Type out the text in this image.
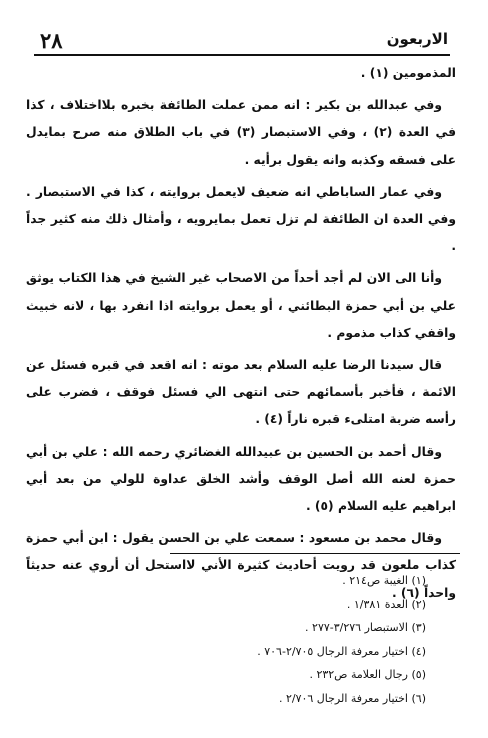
٢٨	الاربعون

المذمومين (١) .

وفي عبدالله بن بكير : انه ممن عملت الطائفة بخبره بلااختلاف ، كذا في العدة (٢) ، وفي الاستبصار (٣) في باب الطلاق منه صرح بمايدل على فسقه وكذبه وانه يقول برأيه .

وفي عمار الساباطي انه ضعيف لايعمل بروايته ، كذا في الاستبصار . وفي العدة ان الطائفة لم تزل تعمل بمايرويه ، وأمثال ذلك منه كثير جداً .

وأنا الى الان لم أجد أحداً من الاصحاب غير الشيخ في هذا الكتاب يوثق علي بن أبي حمزة البطائني ، أو يعمل بروايته اذا انفرد بها ، لانه خبيث واقفي كذاب مذموم .

قال سيدنا الرضا عليه السلام بعد موته : انه اقعد في قبره فسئل عن الائمة ، فأخبر بأسمائهم حتى انتهى الي فسئل فوقف ، فضرب على رأسه ضربة امتلىء قبره ناراً (٤) .

وقال أحمد بن الحسين بن عبيدالله الغضائري رحمه الله : علي بن أبي حمزة لعنه الله أصل الوقف وأشد الخلق عداوة للولي من بعد أبي ابراهيم عليه السلام (٥) .

وقال محمد بن مسعود : سمعت علي بن الحسن يقول : ابن أبي حمزة كذاب ملعون قد رويت أحاديث كثيرة الأني لااستحل أن أروي عنه حديثاً واحداً (٦) .

(١) الغيبة ص٢١٤ .
(٢) العدة ١/٣٨١ .
(٣) الاستبصار ٣/٢٧٦-٢٧٧ .
(٤) اختيار معرفة الرجال ٢/٧٠٥-٧٠٦ .
(٥) رجال العلامة ص٢٣٢ .
(٦) اختيار معرفة الرجال ٢/٧٠٦ .
